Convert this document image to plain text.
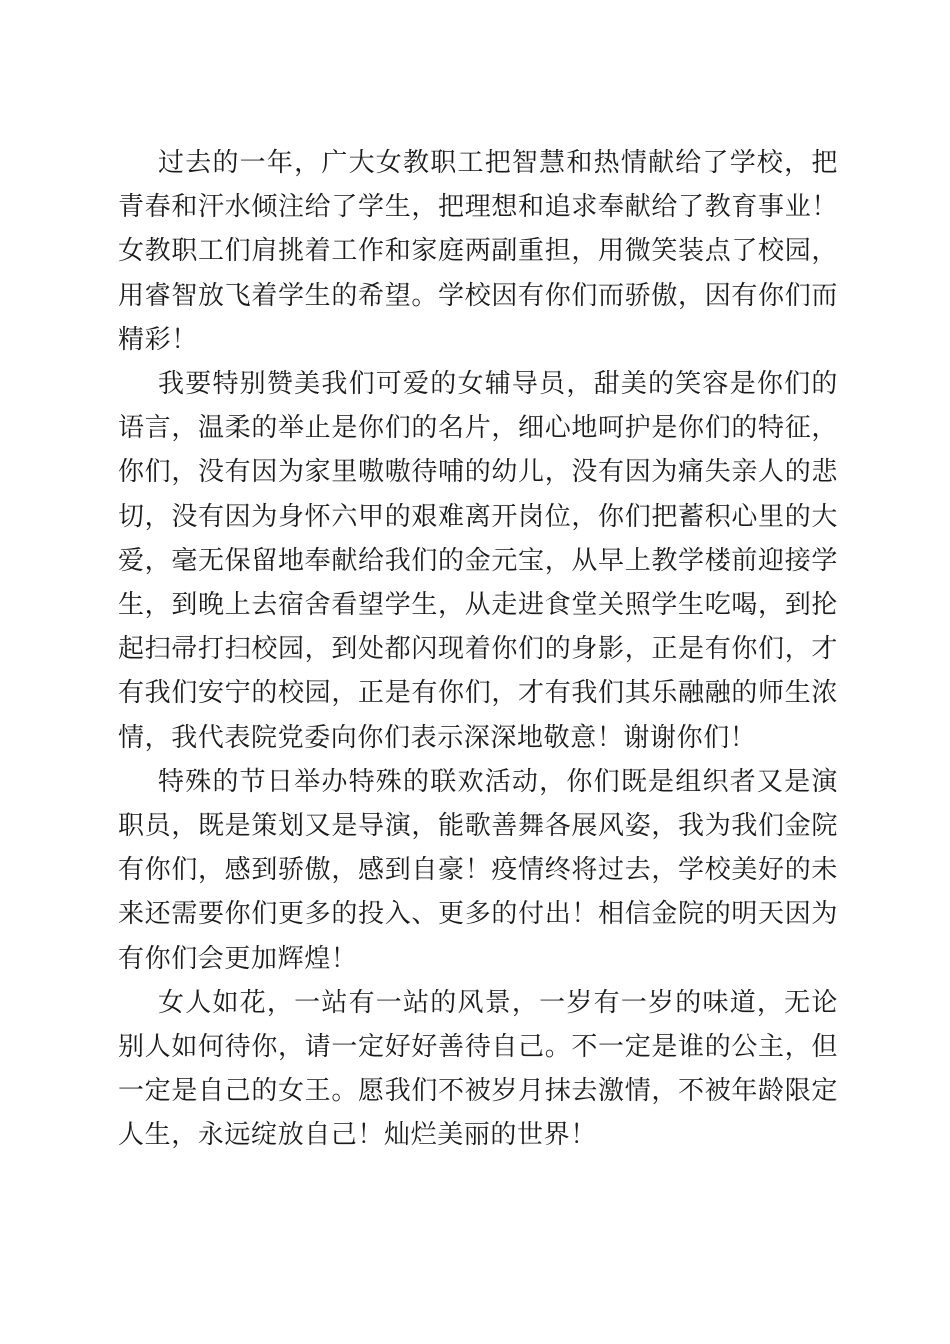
过去的一年，广大女教职工把智慧和热情献给了学校，把青春和汗水倾注给了学生，把理想和追求奉献给了教育事业！女教职工们肩挑着工作和家庭两副重担，用微笑装点了校园，用睿智放飞着学生的希望。学校因有你们而骄傲，因有你们而精彩！

我要特别赞美我们可爱的女辅导员，甜美的笑容是你们的语言，温柔的举止是你们的名片，细心地呵护是你们的特征，你们，没有因为家里嗷嗷待哺的幼儿，没有因为痛失亲人的悲切，没有因为身怀六甲的艰难离开岗位，你们把蓄积心里的大爱，毫无保留地奉献给我们的金元宝，从早上教学楼前迎接学生，到晚上去宿舍看望学生，从走进食堂关照学生吃喝，到抡起扫帚打扫校园，到处都闪现着你们的身影，正是有你们，才有我们安宁的校园，正是有你们，才有我们其乐融融的师生浓情，我代表院党委向你们表示深深地敬意！谢谢你们！

特殊的节日举办特殊的联欢活动，你们既是组织者又是演职员，既是策划又是导演，能歌善舞各展风姿，我为我们金院有你们，感到骄傲，感到自豪！疫情终将过去，学校美好的未来还需要你们更多的投入、更多的付出！相信金院的明天因为有你们会更加辉煌！

女人如花，一站有一站的风景，一岁有一岁的味道，无论别人如何待你，请一定好好善待自己。不一定是谁的公主，但一定是自己的女王。愿我们不被岁月抹去激情，不被年龄限定人生，永远绽放自己！灿烂美丽的世界！
